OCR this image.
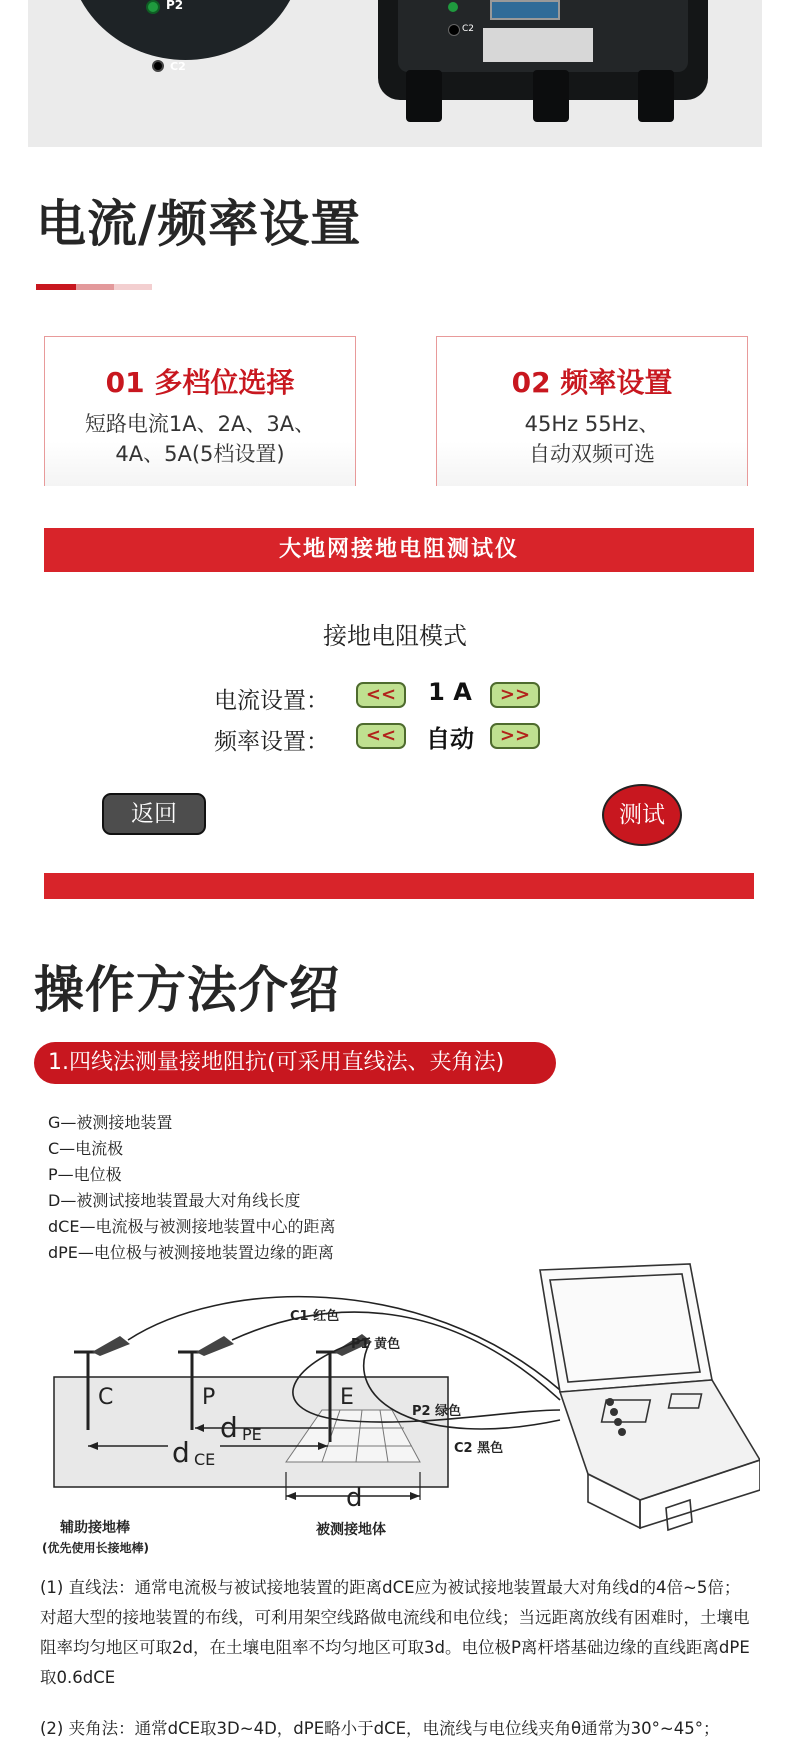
P2
C2
C2
电流/频率设置
01 多档位选择
短路电流1A、2A、3A、
4A、5A(5档设置)
02 频率设置
45Hz 55Hz、
自动双频可选
大地网接地电阻测试仪
接地电阻模式
电流设置：	<<	1 A	>>
频率设置：	<<	自动	>>
返回	测试
操作方法介绍
1.四线法测量接地阻抗(可采用直线法、夹角法)
G—被测接地装置
C—电流极
P—电位极
D—被测试接地装置最大对角线长度
dCE—电流极与被测接地装置中心的距离
dPE—电位极与被测接地装置边缘的距离
C1 红色
P1 黄色
P2 绿色
C2 黑色
C	P	E
d PE
d CE
d
辅助接地棒
(优先使用长接地棒)
被测接地体
(1) 直线法：通常电流极与被试接地装置的距离dCE应为被试接地装置最大对角线d的4倍~5倍；对超大型的接地装置的布线，可利用架空线路做电流线和电位线；当远距离放线有困难时，土壤电阻率均匀地区可取2d，在土壤电阻率不均匀地区可取3d。电位极P离杆塔基础边缘的直线距离dPE取0.6dCE
(2) 夹角法：通常dCE取3D~4D，dPE略小于dCE，电流线与电位线夹角θ通常为30°~45°；
